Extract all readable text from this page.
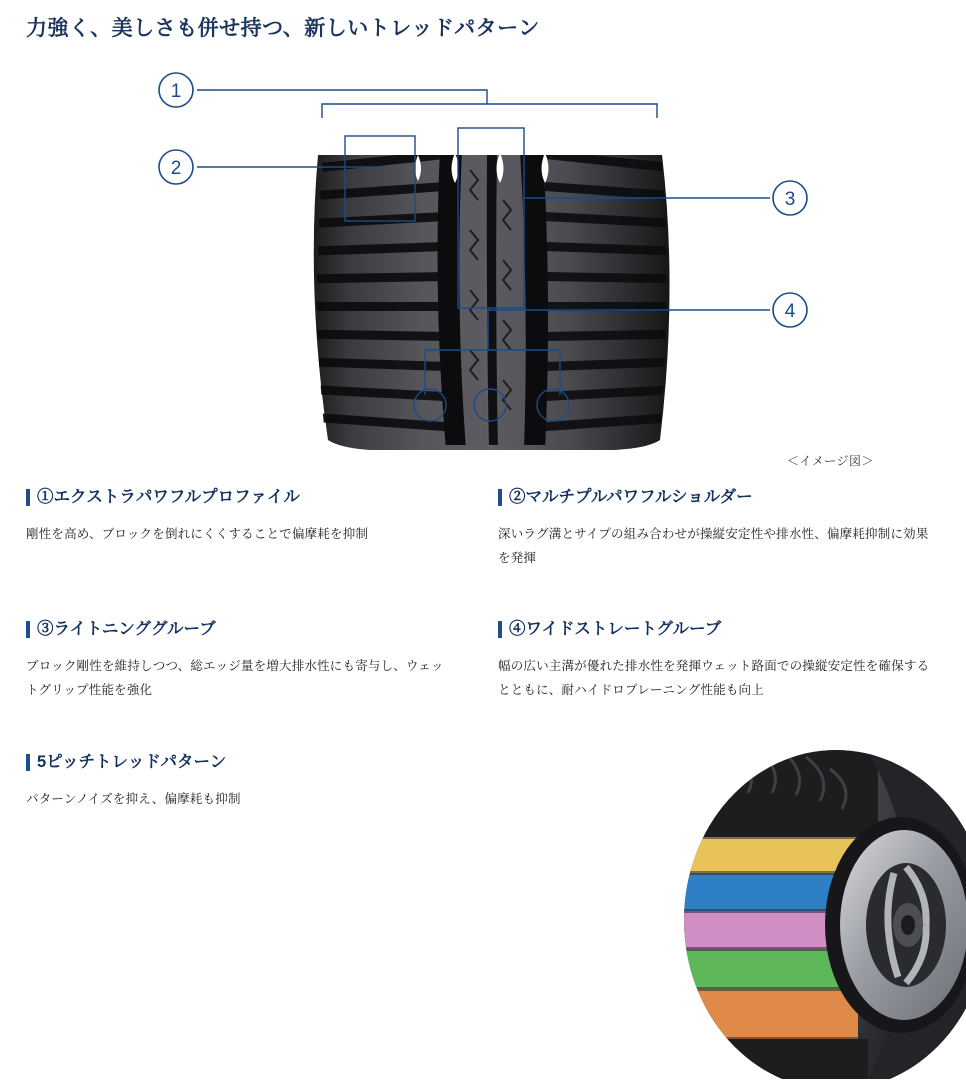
力強く、美しさも併せ持つ、新しいトレッドパターン
1
2
3
4
＜イメージ図＞
①エクストラパワフルプロファイル
剛性を高め、ブロックを倒れにくくすることで偏摩耗を抑制
②マルチプルパワフルショルダー
深いラグ溝とサイプの組み合わせが操縦安定性や排水性、偏摩耗抑制に効果を発揮
③ライトニンググルーブ
ブロック剛性を維持しつつ、総エッジ量を増大排水性にも寄与し、ウェットグリップ性能を強化
④ワイドストレートグルーブ
幅の広い主溝が優れた排水性を発揮ウェット路面での操縦安定性を確保するとともに、耐ハイドロプレーニング性能も向上
5ピッチトレッドパターン
パターンノイズを抑え、偏摩耗も抑制
